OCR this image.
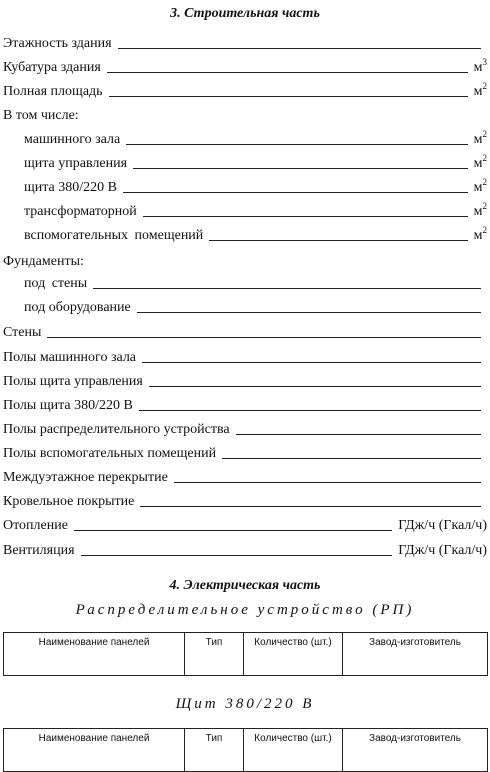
3. Строительная часть
Этажность здания
Кубатура здания	$м^3$
Полная площадь	$м^2$
В том числе:
машинного зала	$м^2$
щита управления	$м^2$
щита 380/220 В	$м^2$
трансформаторной	$м^2$
вспомогательных помещений	$м^2$
Фундаменты:
под стены
под оборудование
Стены
Полы машинного зала
Полы щита управления
Полы щита 380/220 В
Полы распределительного устройства
Полы вспомогательных помещений
Междуэтажное перекрытие
Кровельное покрытие
Отопление	ГДж/ч (Гкал/ч)
Вентиляция	ГДж/ч (Гкал/ч)
4. Электрическая часть
Распределительное устройство (РП)
Наименование панелей	Тип	Количество (шт.)	Завод-изготовитель
Щит 380/220 В
Наименование панелей	Тип	Количество (шт.)	Завод-изготовитель
